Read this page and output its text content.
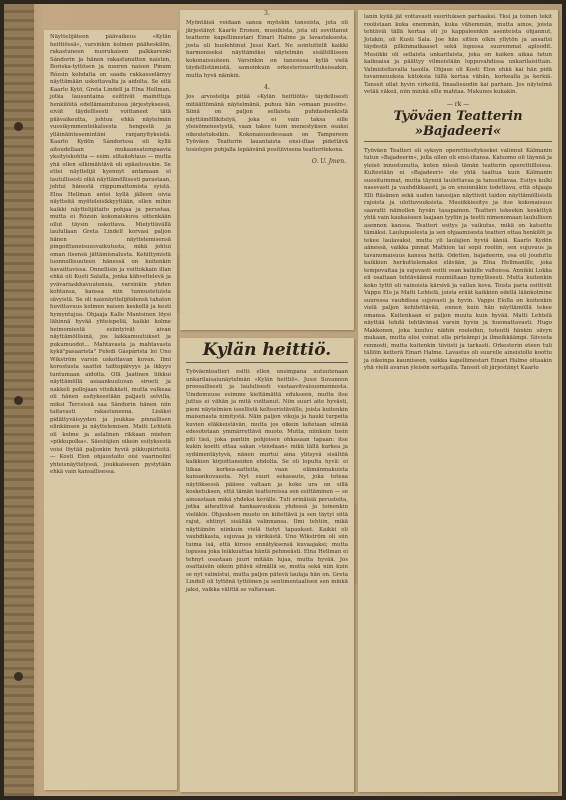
Näyttelijäteen päävaikeus »Kylän heittiössä«, varsinkin kolmen pääheskilön, rakastuneen nuorukaisen palkkarenki Sándorin ja hänen rakastunutten naisten, Boriska-tyttösen ja nuoren naisen Pinum Rózsin kohdalta on saada rakkauselämyy näyttämään uskottavalta ja aidolta. Se eitä Kaarlo Kytö, Greta Lindell ja Elna Hellman, jotka lausuntaina esittivät mainittuja henkilöitä edellämainituissa järjestyksessä, eivät täydellisesti voittaneet tätä päävaikeutta, johtuu ehkä näytelmän vuosikymmenteikalsesta hengestä ja ylläinäintesemintäni ranjanyltyksistä. Kaarlo Kydön Sándorissa oli kyllä aitoudellaan mukaansatempaavia yksityiskohtia — esim. siltakohtaus — mutta yhä ollen silkimähtävä oli epäaitouskin. Se ettei näyttelijä kyennyt antamaan el lautullisesti olkä näyttämöllisesti parastaan, johtui hänestä riippumattomista syistä. Elna Hellman antoi kyllä jälleen oivia näytteitä myöteleisikkyyttään, ollen mihin kaikki näyttelijätaito pohjaa ja perustaa, mutta ei Rózsin kokonaiskuva sittenkään ollut täysin uskottava. Mielyttävällä laulullaan Greta Lindell korvasi paljon hänen näyttelemisensä pingoittuneisuusvaikutusta, mikä johtui oman itsensä jättämisnalusta. Kehittymistä luonnollisuuteen hänessä on kuitenkin havaittavissa. Onnellisin ja voittokkain illan ehkä oli Kusti Salalla, jonka kähveltelevä ja yvävariaskhavuutensia, varsinkin yhden kohtansa, kanssa niin tunnustetuista sävyistä. Se oli naisnäyttelijöidensä tahaton huvittavuus kolmen naisen keskellä ja kesti hymyntujua. Ohjaaja Kalle Mantsinen löysi lähinnä hyvää yhteispeliä, kaikki kolme heimomiestä esiintyivät aivan näyttämöllisinä, jos laikkamuutukset ja pukumuodot... Mahtavasta ja mahtavasta kykä"pasaarista" Feledi Gáspárista loi Uno Wikström varsin uskottavan kuvan. Ilmi korostusta saattoi taittopäivyys ja ikkyys tuntumaan aidolta. Olli Jaatinen liikkui näyttämöllä asiaankuuluvan siroeti ja nakkeli pollojaan vitsikkästi, mutta valkeaa oli hänen esityksestään paljasti selvilla, miksi Tercsissä saa Sándorin hänen niin taitavasti rakastuneena. Lisäksi pidättyväisyyden ja joukkas pinnallisen elinkiinsen ja näyttelemisen. Matti Lehtelä oli kolme ja aslalinen rikkaan miehen »pikkupolka«. Säestäjien oikein esityksestä voisi löytää paljonkin hyviä pikkupiirteitä. — Kosti Elon ohjaustaito oisi vaarinolinl yhteisnäyttelyssä, joukkaisesen pystytään ehkä vain kansallisessa.
3.
Myöntäisä voidaan sanoa myöskin tanssista, jota oli järjestänyt Kaarlo Eronen, musiikista, jota oli sovittanut teatterin kapellimestari Einari Halme ja lavastuksesta, josta oli huolehtinut Jussi Karl. Ne sointuttelit kaikki harmoniseksi näyttämöksi näytelmän sisältölliseen kokonaisuuteen. Varsinkin on tanssissa kyllä vielä täydellistämistä, samoinkuin orkesterisuorituksissakin, mutta hyvä näinkin.
4.
Jos arvostelija pitää »Kylän heittiötä« täydellisesti mitäättömänä näytelmänä, puhuu hän »omaan pussiin«. Siinä on paljon sellaista puhdashenkistä näyttämöllikitelyä, joka ei vain taksa sille yleisömenestystä, vaan takee tuon menestyksen osaksi oikeutetuksikin. Kokonaisuudessaan on Tampereen Työväen Teatterin lauantaista ensi-iltaa pidettävä tosiolojen pohjalla lepäävänä positiivisena teatteritekona.
O. U. Jmen.
Kylän heittiö.
Työväenteatteri esitti ellen unsimpana uutuutenaan unkarilaisaiunäytelmän »Kylän heittiö«. Jussi Suvannon proosailisesti ja laululisesti vastaavitvaisuomennosta. Umdemuuse esimme kieltämättä edukseen, mutta itse juttus ei vähän ja mitä voittanut. Niin suuri aite hyvästi, pieni näytelmien iseellistä kelteeristävälle, joista kuitenkin maisenasta nimitystä. Näin paljon vikoja ja hauki turpeita kuvien eläkkeistävän, mutta jos oikein laitetaan silmää edesotetaan ymmärrettävä muoto. Mutta, niinkuin tosin piti tieä, joka pantiin pohjoisen ohkasaan tapaan: itse kukin koetti ottaa sakan »tsiodaan« mikä tällä karkea ja sydämentäytyvä, nänen murtui aina ylitsyvä sisältöä kaikkien kirjoittaneiden ehdolta. Se oli lopulta hyvä: ei liikaa korkea-aatteita, vaan elämänmakuista kansankuvausta. Nyt suuri sekasaute, joka toteaa näytöksessä pääsee valtaan ja koko ura on sillä kosketuksen, että tämän teattereissa sen esittäminen — se ainoastaan mikä yhdeksi kerälle. Tuli erinäisiä perusteita, jotka aiheuttivat hankaavuuksia yhdessä ja toinenkin vieläkin. Ohjauksen muoto on kiitettävä ja sen täytyi siitä rajut, ehtinyt sisältää valinnansa. Ilmi tehtiin, mikä näyttämön niinkuin vielä tietyt tapaukset. Kaikki oli vauhdikasta, sujuvaa ja värikästä. Uno Wikström oli siin tuima isä, että kiroos ennätyksensä kuvaajaksi; mutta lopussa joka leikkuuttaa häntä pehmeästi. Elna Hellman ei tehnyt osastaan juuri mitään lujaa, mutta hyvää. Jos osattaisiin oikein pitävä silmällä se, mutta sekä niin kuin se nyt valmistui, mutta paljon pätevä laulaja hän on. Greta Lindell oli tyttönä tyttöinen ja sentimentaalisen sen minkä jaksi, vaikka välittä se valtavaan.
lanin kyliä jät vottavasti suorituksen parhaaksi. Yksi ja toinen tekit roolistaan kuka enemmän, kuka vähemmän, mutta ainos, joista tehtäviä tällä kertaa oli jo kappaleenkin asenteista ohjannut, Jotakin, oli Kusti Sala. Joe hän sitten olkin yllytön ja ansaitsi täydestä pilkinmatkaaset sekä lopussa suuremmat aploodit. Musiikki oli sellaista unkarilaista, joka on kaiken aikaa tutun kaikoaisa ja päättyy vilmeistään loppuvahdissa unkarilaisittain. Valmisteltavalla tasolla. Ohjaus oli Kosti Elon ehkä kai hän pidä tuvanneuuksia kiitoksia tällä kertaa vähän, korkealla ja kerkiä. Tanssit ollat hyvin virkeitä, finaalisuodin kai parhain. Jos näytelmä vetää väkeä, niin minkä sille mahtaa. Makunes kukakin.
— rk —
Työväen Teatterin »Bajadeeri«
Työväen Teatteri oli syksyn operettiesityksekei valinnut Kálmanin tutun »Bajadeerin«, jolla ollen oli ensi-iltansa. Katsomo oli täynnä ja yleisö innostunutta, kuten niissä tämän teatterin operettiilloissa. Kultestään ei »Bajadeeri« ole yhtä taattua kuin Kálmanin suosituimmat, mutta täynnä laulettavaa ja tanssittavaa. Esitys kulki nasevasti ja vauhdikkaasti, ja on ensinnäkin todettava, että ohjaaja Elli Räsänen sekä uuden tanssijan näyttivät taidon näyttämöllisistä rajoista ja ulottuvuuksista. Musiikkiesitys ja itse kokonaisuus saavutti näinollen hyvän tasapainon. Teatteri tekeekin keskittyä yhtä vain kaukaiseen laajaan tyyliin ja teetti nimenomaan laulullisen asennon kanssa. Teatteri esitys ja vaikutus, mikä on katsottu tämäksi. Laulupuolesta ja sen ohjaamisesta teatteri ottaa henkilöt ja tekee laulavaksi, mutta yli laulajien hyviä ääniä. Kaarlo Kydön aänessä, vaikka pinnat Mathion tai sopii rooliin, sen sujuvuus ja tavanomaisuus kanssa heitä. Odetten, bajadeerin, osa oli jouduttu kaikkien herkuttelemaksi elävään, ja Elna Hellmanille, joka tempovaltaa ja sujuvasti esitti osan kaikille valtoissa. Annikki Lokka eli osaltaan tehtäväänsä ruumiiltaan hymyllisesti. Mutta kuitenkin koko tyttö oli vainoista kärsivä ja vallan kova. Toista paria esittivät Vappu Elo ja Matti Lehtelä, joista eräät kaikkien edellä läänkolmine suuressa vauhdissa sujuvasti ja hyvin. Vappu Elolla on kuitenkin vielä paljon kehitettävää, ennen kuin hän näyttämöllä tekee omansa. Kuitenkaan ei paljon muuta kuin hyvää. Matti Lehtelä näyttää tehdä tehtävänsä varsin hyvin ja huomattavasti. Hugo Makkonen, joka kuuluu näihin rooleihin, toteutti hänkin sävyn mukaan, mutta olisi voinut olla pirteämpi ja ilmeikkäämpi. Siivosta rennosti, mutta kuitenkin tiiviisti ja tarkasti. Orkesterin eteen tuli tällöin ketterä Einari Halme. Lavastus oli suurelle aineistolle koottu ja oikeinpa kauniiseen, vaikka kapellimestari Einari Halme ottaakin yhä vielä avaran yleisön sortajalla. Tanssit oli järjestänyt Kaarlo
